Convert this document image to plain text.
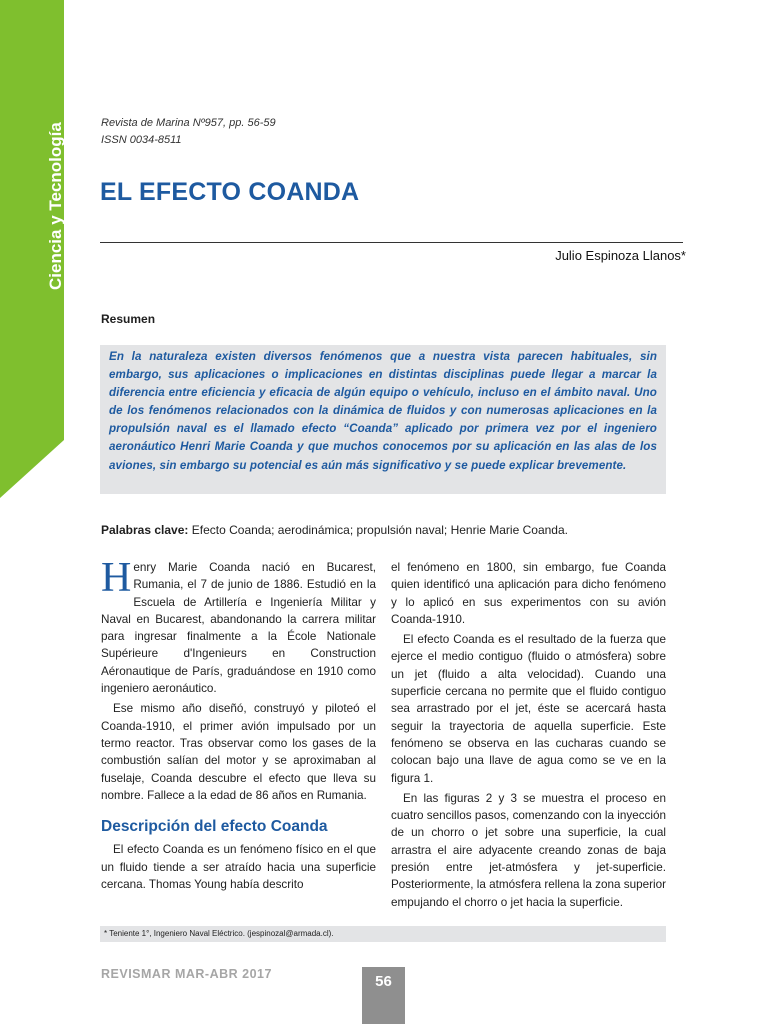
Ciencia y Tecnología	Revista de Marina Nº957, pp. 56-59
ISSN 0034-8511
EL EFECTO COANDA
Julio Espinoza Llanos*
Resumen

En la naturaleza existen diversos fenómenos que a nuestra vista parecen habituales, sin embargo, sus aplicaciones o implicaciones en distintas disciplinas puede llegar a marcar la diferencia entre eficiencia y eficacia de algún equipo o vehículo, incluso en el ámbito naval. Uno de los fenómenos relacionados con la dinámica de fluidos y con numerosas aplicaciones en la propulsión naval es el llamado efecto “Coanda” aplicado por primera vez por el ingeniero aeronáutico Henri Marie Coanda y que muchos conocemos por su aplicación en las alas de los aviones, sin embargo su potencial es aún más significativo y se puede explicar brevemente.

Palabras clave: Efecto Coanda; aerodinámica; propulsión naval; Henrie Marie Coanda.

Henry Marie Coanda nació en Bucarest, Rumania, el 7 de junio de 1886. Estudió en la Escuela de Artillería e Ingeniería Militar y Naval en Bucarest, abandonando la carrera militar para ingresar finalmente a la École Nationale Supérieure d'Ingenieurs en Construction Aéronautique de París, graduándose en 1910 como ingeniero aeronáutico.

Ese mismo año diseñó, construyó y piloteó el Coanda-1910, el primer avión impulsado por un termo reactor. Tras observar como los gases de la combustión salían del motor y se aproximaban al fuselaje, Coanda descubre el efecto que lleva su nombre. Fallece a la edad de 86 años en Rumania.

Descripción del efecto Coanda

El efecto Coanda es un fenómeno físico en el que un fluido tiende a ser atraído hacia una superficie cercana. Thomas Young había descrito

el fenómeno en 1800, sin embargo, fue Coanda quien identificó una aplicación para dicho fenómeno y lo aplicó en sus experimentos con su avión Coanda-1910.

El efecto Coanda es el resultado de la fuerza que ejerce el medio contiguo (fluido o atmósfera) sobre un jet (fluido a alta velocidad). Cuando una superficie cercana no permite que el fluido contiguo sea arrastrado por el jet, éste se acercará hasta seguir la trayectoria de aquella superficie. Este fenómeno se observa en las cucharas cuando se colocan bajo una llave de agua como se ve en la figura 1.

En las figuras 2 y 3 se muestra el proceso en cuatro sencillos pasos, comenzando con la inyección de un chorro o jet sobre una superficie, la cual arrastra el aire adyacente creando zonas de baja presión entre jet-atmósfera y jet-superficie. Posteriormente, la atmósfera rellena la zona superior empujando el chorro o jet hacia la superficie.

* Teniente 1°, Ingeniero Naval Eléctrico. (jespinozal@armada.cl).
REVISMAR MAR-ABR 2017	56
